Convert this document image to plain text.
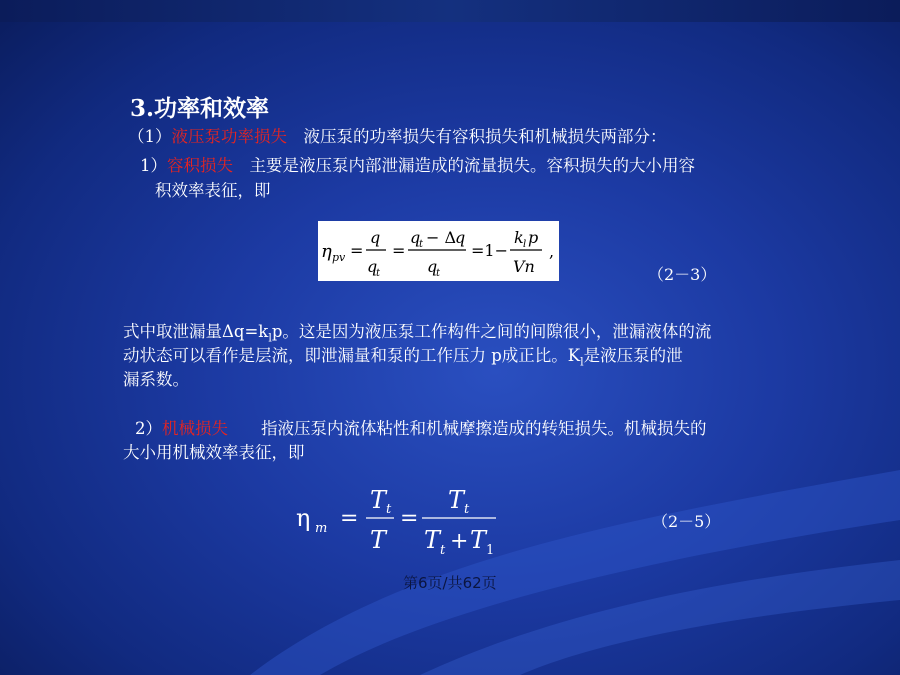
3.功率和效率
（1）液压泵功率损失　 液压泵的功率损失有容积损失和机械损失两部分：
1）容积损失　 主要是液压泵内部泄漏造成的流量损失。容积损失的大小用容
积效率表征，即
η pv =
q
q
t
=
q
t − Δ
q
q
t
=1−
k l p
Vn
,
（2－3）
式中取泄漏量$\Delta q=k_lp$。这是因为液压泵工作构件之间的间隙很小，泄漏液体的流
动状态可以看作是层流，即泄漏量和泵的工作压力 p成正比。$K_l$是液压泵的泄
漏系数。
2）机械损失　　 指液压泵内流体粘性和机械摩擦造成的转矩损失。机械损失的
大小用机械效率表征，即
η m =
T t
T
=
T t
T t + T 1
（2－5）
第6页/共62页
